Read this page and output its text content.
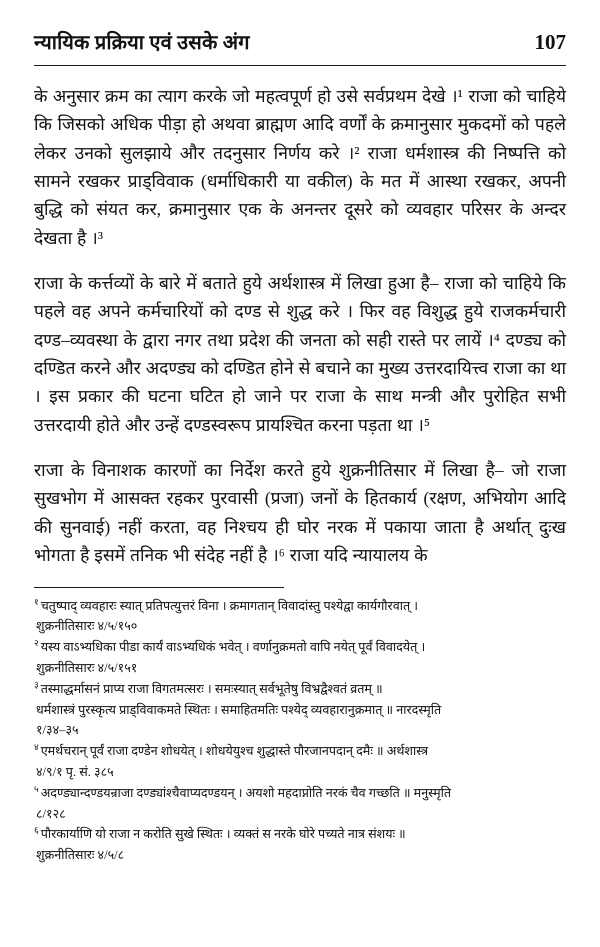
न्यायिक प्रक्रिया एवं उसके अंग	107

के अनुसार क्रम का त्याग करके जो महत्वपूर्ण हो उसे सर्वप्रथम देखे ।¹ राजा को चाहिये कि जिसको अधिक पीड़ा हो अथवा ब्राह्मण आदि वर्णों के क्रमानुसार मुकदमों को पहले लेकर उनको सुलझाये और तदनुसार निर्णय करे ।² राजा धर्मशास्त्र की निष्पत्ति को सामने रखकर प्राड्विवाक (धर्माधिकारी या वकील) के मत में आस्था रखकर, अपनी बुद्धि को संयत कर, क्रमानुसार एक के अनन्तर दूसरे को व्यवहार परिसर के अन्दर देखता है ।³

राजा के कर्त्तव्यों के बारे में बताते हुये अर्थशास्त्र में लिखा हुआ है– राजा को चाहिये कि पहले वह अपने कर्मचारियों को दण्ड से शुद्ध करे । फिर वह विशुद्ध हुये राजकर्मचारी दण्ड–व्यवस्था के द्वारा नगर तथा प्रदेश की जनता को सही रास्ते पर लायें ।⁴ दण्ड्य को दण्डित करने और अदण्ड्य को दण्डित होने से बचाने का मुख्य उत्तरदायित्त्व राजा का था । इस प्रकार की घटना घटित हो जाने पर राजा के साथ मन्त्री और पुरोहित सभी उत्तरदायी होते और उन्हें दण्डस्वरूप प्रायश्चित करना पड़ता था ।⁵

राजा के विनाशक कारणों का निर्देश करते हुये शुक्रनीतिसार में लिखा है– जो राजा सुखभोग में आसक्त रहकर पुरवासी (प्रजा) जनों के हितकार्य (रक्षण, अभियोग आदि की सुनवाई) नहीं करता, वह निश्चय ही घोर नरक में पकाया जाता है अर्थात् दुःख भोगता है इसमें तनिक भी संदेह नहीं है ।⁶ राजा यदि न्यायालय के

$^१$ चतुष्पाद् व्यवहारः स्यात् प्रतिपत्युत्तरं विना । क्रमागतान् विवादांस्तु पश्येद्वा कार्यगौरवात् ।
शुक्रनीतिसारः ४/५/१५०
$^२$ यस्य वाऽभ्यधिका पीडा कार्यं वाऽभ्यधिकं भवेत् । वर्णानुक्रमतो वापि नयेत् पूर्वं विवादयेत् ।
शुक्रनीतिसारः ४/५/१५१
$^३$ तस्माद्धर्मासनं प्राप्य राजा विगतमत्सरः । समःस्यात् सर्वभूतेषु विभ्रद्वैश्वतं व्रतम् ॥
धर्मशास्त्रं पुरस्कृत्य प्राड्विवाकमते स्थितः । समाहितमतिः पश्येद् व्यवहारानुक्रमात् ॥ नारदस्मृति
१/३४–३५
$^४$ एमर्थचरान् पूर्वं राजा दण्डेन शोधयेत् । शोधयेयुश्च शुद्धास्ते पौरजानपदान् दमैः ॥ अर्थशास्त्र
४/९/१ पृ. सं. ३८५
$^५$ अदण्ड्यान्दण्डयन्राजा दण्ड्यांश्चैवाप्यदण्डयन् । अयशो महदाप्नोति नरकं चैव गच्छति ॥ मनुस्मृति
८/१२८
$^६$ पौरकार्याणि यो राजा न करोति सुखे स्थितः । व्यक्तं स नरके घोरे पच्यते नात्र संशयः ॥
शुक्रनीतिसारः ४/५/८
